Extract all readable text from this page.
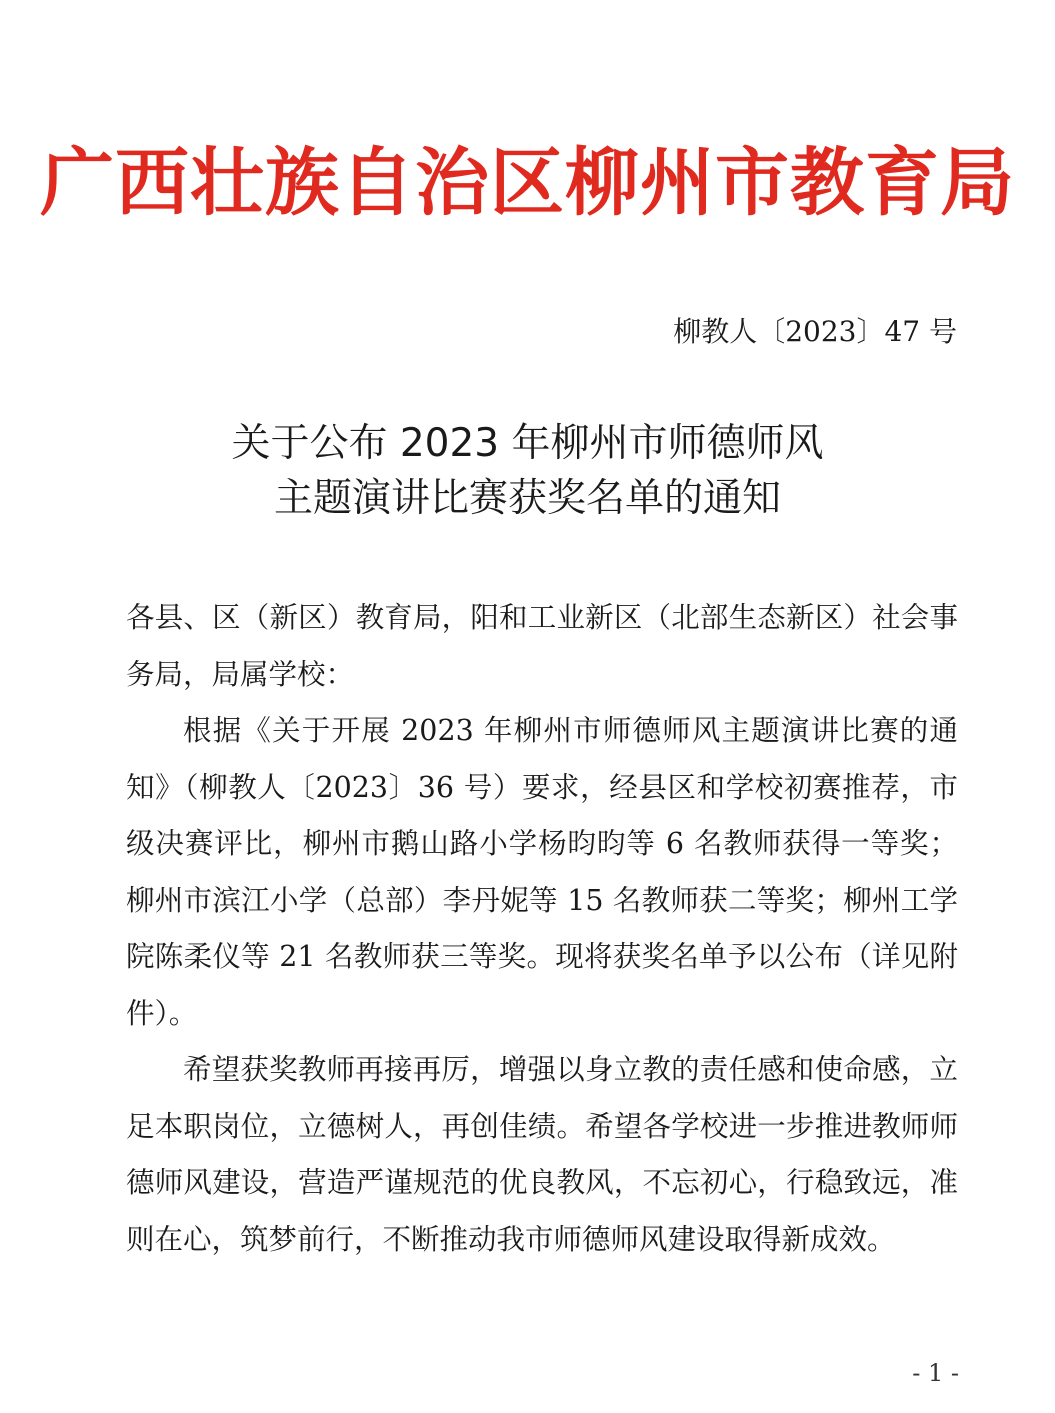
广西壮族自治区柳州市教育局
柳教人〔2023〕47 号
关于公布 2023 年柳州市师德师风
主题演讲比赛获奖名单的通知

各县、区（新区）教育局，阳和工业新区（北部生态新区）社会事务局，局属学校：

根据《关于开展 2023 年柳州市师德师风主题演讲比赛的通知》（柳教人〔2023〕36 号）要求，经县区和学校初赛推荐，市级决赛评比，柳州市鹅山路小学杨昀昀等 6 名教师获得一等奖；柳州市滨江小学（总部）李丹妮等 15 名教师获二等奖；柳州工学院陈柔仪等 21 名教师获三等奖。现将获奖名单予以公布（详见附件）。

希望获奖教师再接再厉，增强以身立教的责任感和使命感，立足本职岗位，立德树人，再创佳绩。希望各学校进一步推进教师师德师风建设，营造严谨规范的优良教风，不忘初心，行稳致远，准则在心，筑梦前行，不断推动我市师德师风建设取得新成效。

- 1 -
